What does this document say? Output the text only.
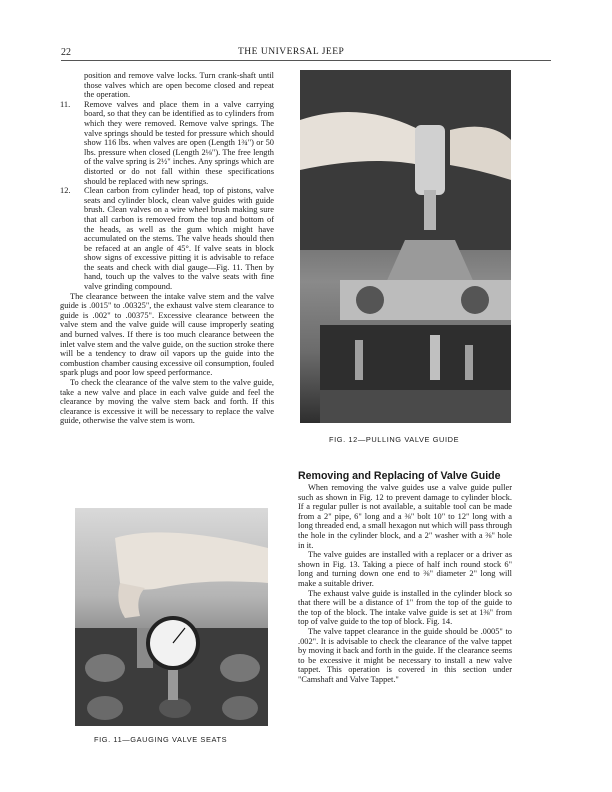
22	THE UNIVERSAL JEEP

position and remove valve locks. Turn crank-shaft until those valves which are open become closed and repeat the operation.

11. Remove valves and place them in a valve carrying board, so that they can be identified as to cylinders from which they were removed. Remove valve springs. The valve springs should be tested for pressure which should show 116 lbs. when valves are open (Length 1¾") or 50 lbs. pressure when closed (Length 2⅛"). The free length of the valve spring is 2½" inches. Any springs which are distorted or do not fall within these specifications should be replaced with new springs.

12. Clean carbon from cylinder head, top of pistons, valve seats and cylinder block, clean valve guides with guide brush. Clean valves on a wire wheel brush making sure that all carbon is removed from the top and bottom of the heads, as well as the gum which might have accumulated on the stems. The valve heads should then be refaced at an angle of 45°. If valve seats in block show signs of excessive pitting it is advisable to reface the seats and check with dial gauge—Fig. 11. Then by hand, touch up the valves to the valve seats with fine valve grinding compound.

The clearance between the intake valve stem and the valve guide is .0015" to .00325", the exhaust valve stem clearance to guide is .002" to .00375". Excessive clearance between the valve stem and the valve guide will cause improperly seating and burned valves. If there is too much clearance between the inlet valve stem and the valve guide, on the suction stroke there will be a tendency to draw oil vapors up the guide into the combustion chamber causing excessive oil consumption, fouled spark plugs and poor low speed performance.

To check the clearance of the valve stem to the valve guide, take a new valve and place in each valve guide and feel the clearance by moving the valve stem back and forth. If this clearance is excessive it will be necessary to replace the valve guide, otherwise the valve stem is worn.

FIG. 11—GAUGING VALVE SEATS
FIG. 12—PULLING VALVE GUIDE
Removing and Replacing of Valve Guide

When removing the valve guides use a valve guide puller such as shown in Fig. 12 to prevent damage to cylinder block. If a regular puller is not available, a suitable tool can be made from a 2" pipe, 6" long and a ⅜" bolt 10" to 12" long with a long threaded end, a small hexagon nut which will pass through the hole in the cylinder block, and a 2" washer with a ⅜" hole in it.

The valve guides are installed with a replacer or a driver as shown in Fig. 13. Taking a piece of half inch round stock 6" long and turning down one end to ⅜" diameter 2" long will make a suitable driver.

The exhaust valve guide is installed in the cylinder block so that there will be a distance of 1" from the top of the guide to the top of the block. The intake valve guide is set at 1⅜" from top of valve guide to the top of block. Fig. 14.

The valve tappet clearance in the guide should be .0005" to .002". It is advisable to check the clearance of the valve tappet by moving it back and forth in the guide. If the clearance seems to be excessive it might be necessary to install a new valve tappet. This operation is covered in this section under "Camshaft and Valve Tappet."
